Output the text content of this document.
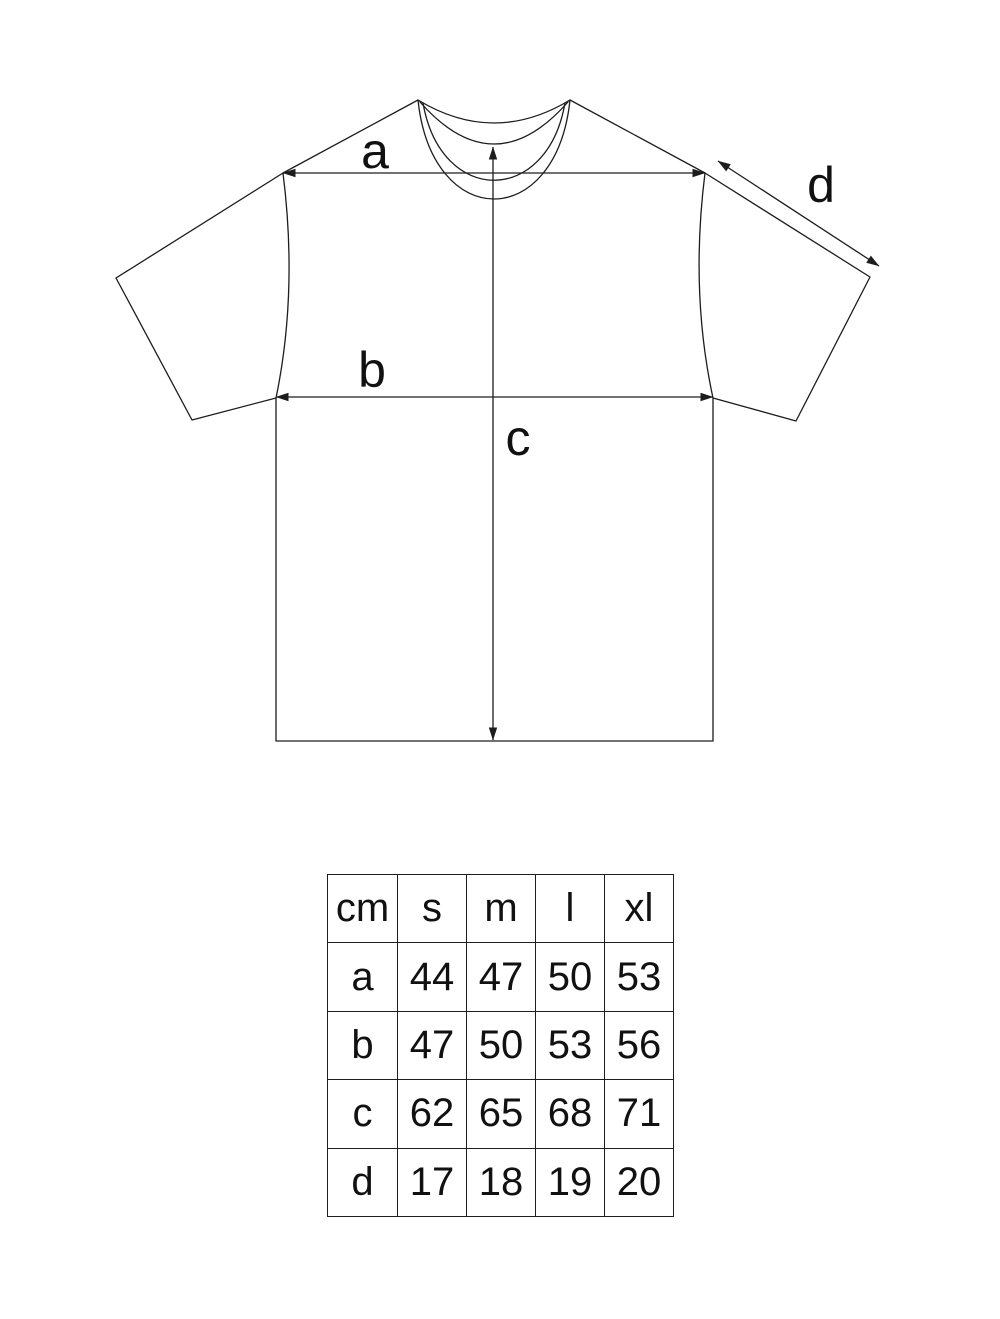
a
b
c
d
cm	s	m	l	xl
a	44	47	50	53
b	47	50	53	56
c	62	65	68	71
d	17	18	19	20
